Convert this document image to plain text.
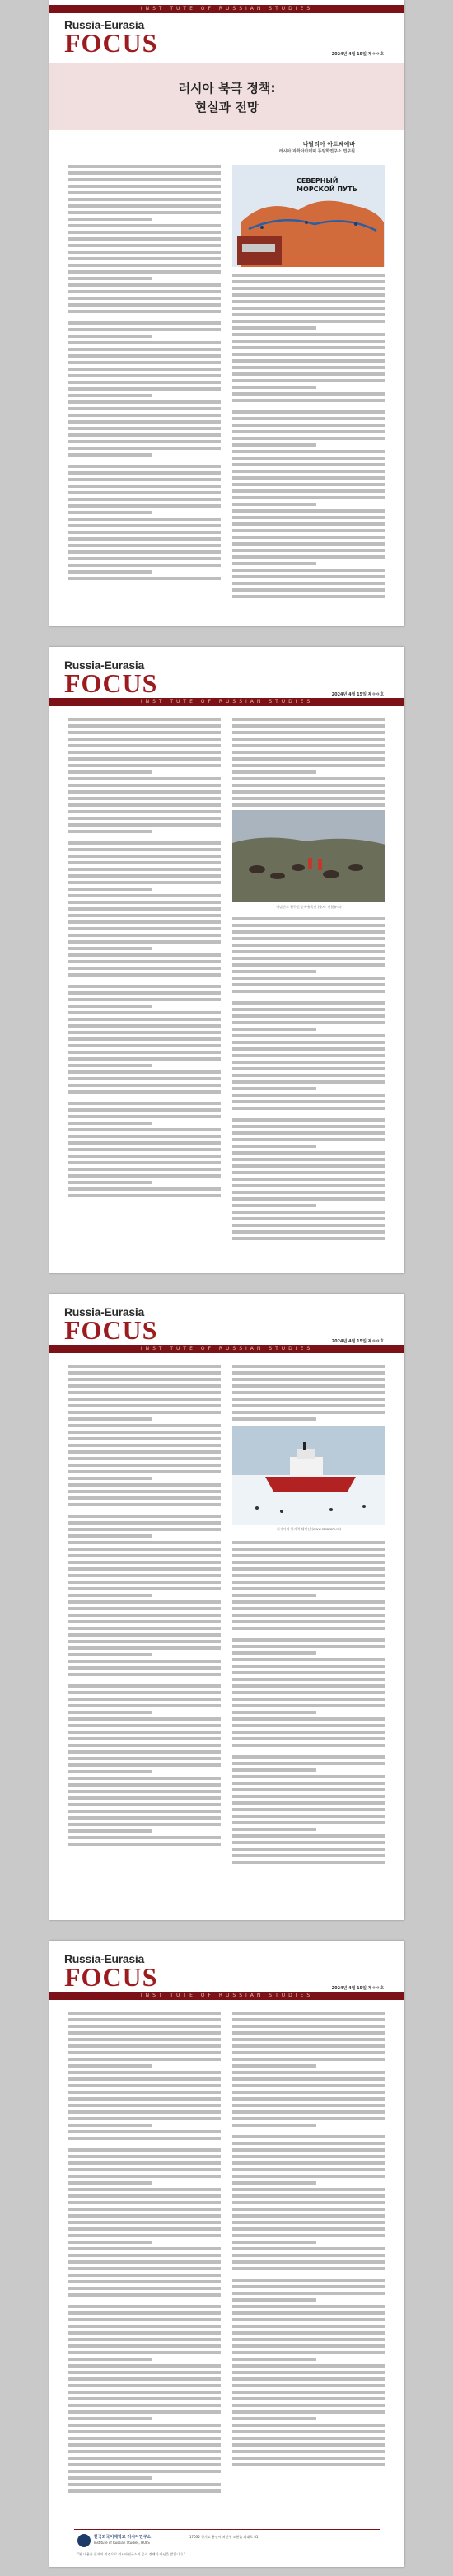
INSTITUTE OF RUSSIAN STUDIES
Russia-Eurasia
FOCUS	2024년 4월 15일 제ㅇㅇ호
러시아 북극 정책:
현실과 전망
나탈리아 아트쎄예바
러시아 과학아카데미 동양학연구소 연구원
СЕВЕРНЫЙ
МОРСКОЙ ПУТЬ
Russia-Eurasia
FOCUS	2024년 4월 15일 제ㅇㅇ호
INSTITUTE OF RUSSIAN STUDIES
야말반도 원주민 순록유목민 (출처: 연합뉴스)
Russia-Eurasia
FOCUS	2024년 4월 15일 제ㅇㅇ호
INSTITUTE OF RUSSIAN STUDIES
러시아의 원자력 쇄빙선 (www.rosatom.ru)
Russia-Eurasia
FOCUS	2024년 4월 15일 제ㅇㅇ호
INSTITUTE OF RUSSIAN STUDIES
한국외국어대학교 러시아연구소
Institute of Russian Studies, HUFS
17035 경기도 용인시 처인구 모현읍 외대로 81
"본 내용은 필자의 의견으로 러시아연구소의 공식 견해가 아님을 밝힙니다."
